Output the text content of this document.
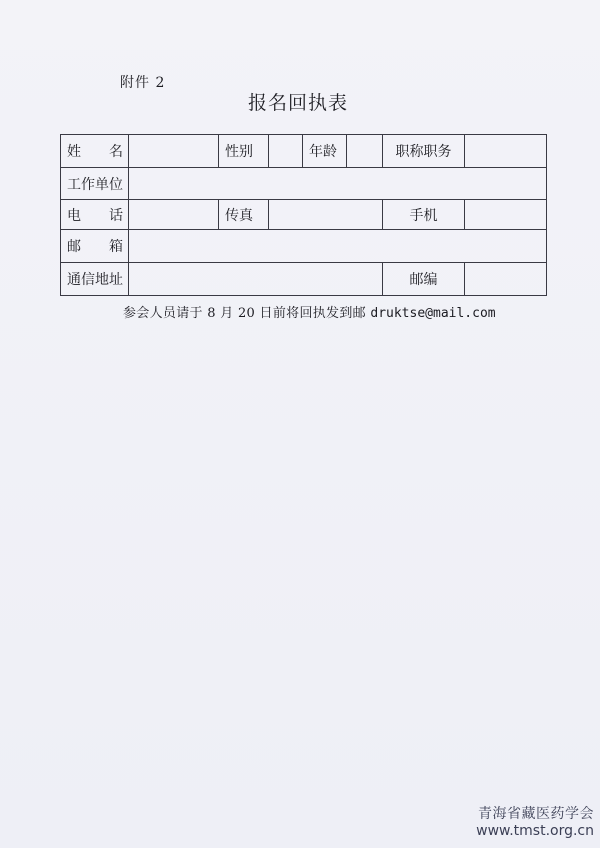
附件 2
报名回执表
姓 名		性别		年龄		职称职务	
工作单位							

电 话		传真				手机	

邮 箱							

通信地址						邮编	
参会人员请于 8 月 20 日前将回执发到邮 druktse@mail.com
青海省藏医药学会
www.tmst.org.cn
